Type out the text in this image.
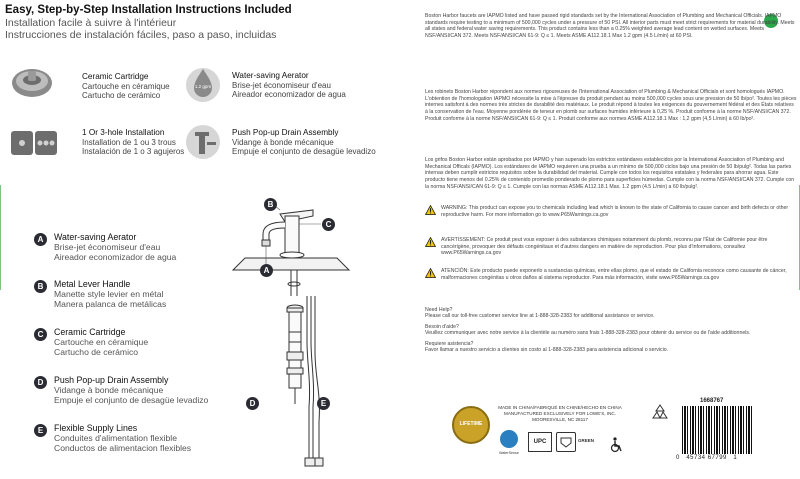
Easy, Step-by-Step Installation Instructions Included
Installation facile à suivre à l'intérieur
Instrucciones de instalación fáciles, paso a paso, incluidas
Ceramic Cartridge
Cartouche en céramique
Cartucho de cerámico
1.2 gpm
Water-saving Aerator
Brise-jet économiseur d'eau
Aireador economizador de agua
1 Or 3-hole Installation
Installation de 1 ou 3 trous
Instalación de 1 o 3 agujeros
Push Pop-up Drain Assembly
Vidange à bonde mécanique
Empuje el conjunto de desagüe levadizo
A	Water-saving Aerator
Brise-jet économiseur d'eau
Aireador economizador de agua
B	Metal Lever Handle
Manette style levier en métal
Manera palanca de metálicas
C	Ceramic Cartridge
Cartouche en céramique
Cartucho de cerámico
D	Push Pop-up Drain Assembly
Vidange à bonde mécanique
Empuje el conjunto de desagüe levadizo
E	Flexible Supply Lines
Conduites d'alimentation flexible
Conductos de alimentacion flexibles
B
C
A
D	E

Boston Harbor faucets are IAPMO listed and have passed rigid standards set by the International Association of Plumbing and Mechanical Officials. IAPMO standards require testing to a minimum of 500,000 cycles under a pressure of 50 PSI. All interior parts must meet strict requirements for material durability. Meets all states and federal water saving requirements. This product contains less than a 0.25% weighted average lead content on wetted surfaces. Meets NSF/ANSI/CAN 372. Meets NSF/ANSI/CAN 61-9: Q ≤ 1. Meets ASME A112.18.1 Max 1.2 gpm (4.5 L/min) at 60 PSI.

Les robinets Boston Harbor répondent aux normes rigoureuses de l'International Association of Plumbing & Mechanical Officials et sont homologués IAPMO. L'obtention de l'homologation IAPMO nécessite la mise à l'épreuve du produit pendant au moins 500,000 cycles sous une pression de 50 lb/po². Toutes les pièces internes satisfont à des normes très strictes de durabilité des matériaux. Le produit répond à toutes les exigences du gouvernement fédéral et des États relatives à la conservation de l'eau. Moyenne pondérée de teneur en plomb sur surfaces humides inférieure à 0,25 %. Produit conforme à la norme NSF/ANSI/CAN 372. Produit conforme à la norme NSF/ANSI/CAN 61-9: Q ≤ 1. Produit conforme aux normes ASME A112.18.1 Max : 1,2 gpm (4,5 L/min) à 60 lb/po².

Los grifos Boston Harbor están aprobados por IAPMO y han superado los estrictos estándares establecidos por la International Association of Plumbing and Mechanical Officals (IAPMO). Los estándares de IAPMO requieren una prueba a un mínimo de 500,000 ciclos bajo una presión de 50 lb/pulg². Todas las partes internas deben cumplir estrictos requisitos sobre la durabilidad del material. Cumple con todos los requisitos estatales y federales para ahorrar agua. Este producto tiene menos del 0.25% de contenido promedio ponderado de plomo para superficies húmedas. Cumple con la norma NSF/ANSI/CAN 372. Cumple con la norma NSF/ANSI/CAN 61-9: Q ≤ 1. Cumple con las normas ASME A112.18.1 Max. 1.2 gpm (4.5 L/min) a 60 lb/pulg².

WARNING: This product can expose you to chemicals including lead which is known to the state of California to cause cancer and birth defects or other reproductive harm. For more information go to www.P65Warnings.ca.gov
AVERTISSEMENT: Ce produit peut vous exposer à des substances chimiques notamment du plomb, reconnu par l'État de Californie pour être cancérigène, provoquer des défauts congénitaux et d'autres dangers en matière de reproduction. Pour plus d'informations, consultez www.P65Warnings.ca.gov
ATENCIÓN: Este producto puede exponerlo a sustancias químicas, entre ellas plomo, que el estado de California reconoce como causante de cáncer, malformaciones congénitas u otros daños al sistema reproductor. Para más información, visite www.P65Warnings.ca.gov

Need Help?
Please call our toll-free customer service line at 1-888-328-2383 for additional assistance or service.

Besoin d'aide?
Veuillez communiquer avec notre service à la clientèle au numéro sans frais 1-888-328-2383 pour obtenir du service ou de l'aide additionnels.

Requiere asistencia?
Favor llamar a nuestro servicio a clientes sin costo al 1-888-328-2383 para asistencia adicional o servicio.

MADE IN CHINA/FABRIQUÉ EN CHINE/HECHO EN CHINA
MANUFACTURED EXCLUSIVELY FOR LOWE'S, INC.
MOORESVILLE, NC 28117
LIFETIME
WaterSense
UPC	GREEN
1668767
0   45734 67799   1
